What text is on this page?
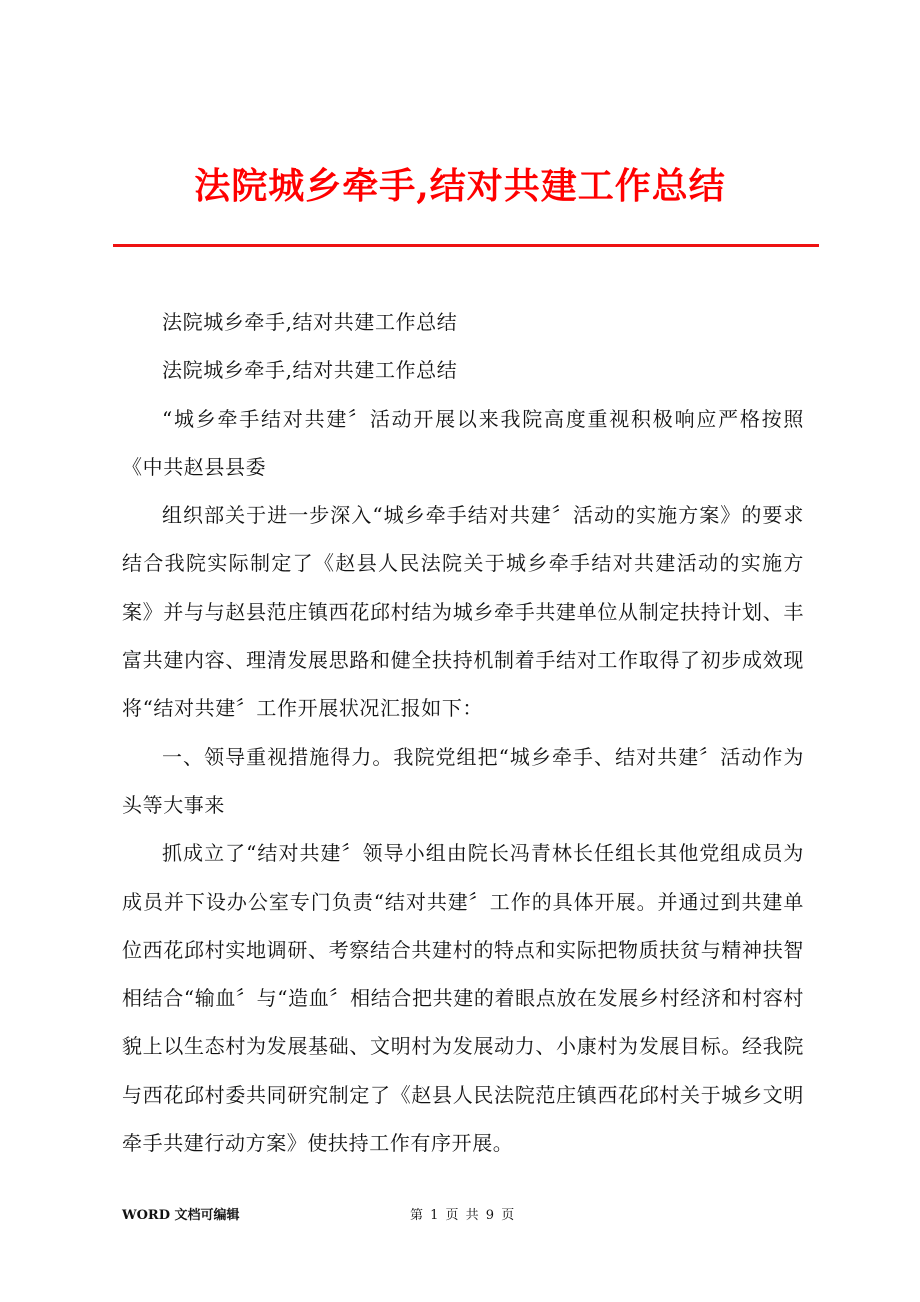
法院城乡牵手,结对共建工作总结

法院城乡牵手,结对共建工作总结

法院城乡牵手,结对共建工作总结

“城乡牵手结对共建〞活动开展以来我院高度重视积极响应严格按照《中共赵县县委

组织部关于进一步深入“城乡牵手结对共建〞活动的实施方案》的要求结合我院实际制定了《赵县人民法院关于城乡牵手结对共建活动的实施方案》并与与赵县范庄镇西花邱村结为城乡牵手共建单位从制定扶持计划、丰富共建内容、理清发展思路和健全扶持机制着手结对工作取得了初步成效现将“结对共建〞工作开展状况汇报如下：

一、领导重视措施得力。我院党组把“城乡牵手、结对共建〞活动作为头等大事来

抓成立了“结对共建〞领导小组由院长冯青林长任组长其他党组成员为成员并下设办公室专门负责“结对共建〞工作的具体开展。并通过到共建单位西花邱村实地调研、考察结合共建村的特点和实际把物质扶贫与精神扶智相结合“输血〞与“造血〞相结合把共建的着眼点放在发展乡村经济和村容村貌上以生态村为发展基础、文明村为发展动力、小康村为发展目标。经我院与西花邱村委共同研究制定了《赵县人民法院范庄镇西花邱村关于城乡文明牵手共建行动方案》使扶持工作有序开展。

WORD 文档可编辑	第 1 页 共 9 页
